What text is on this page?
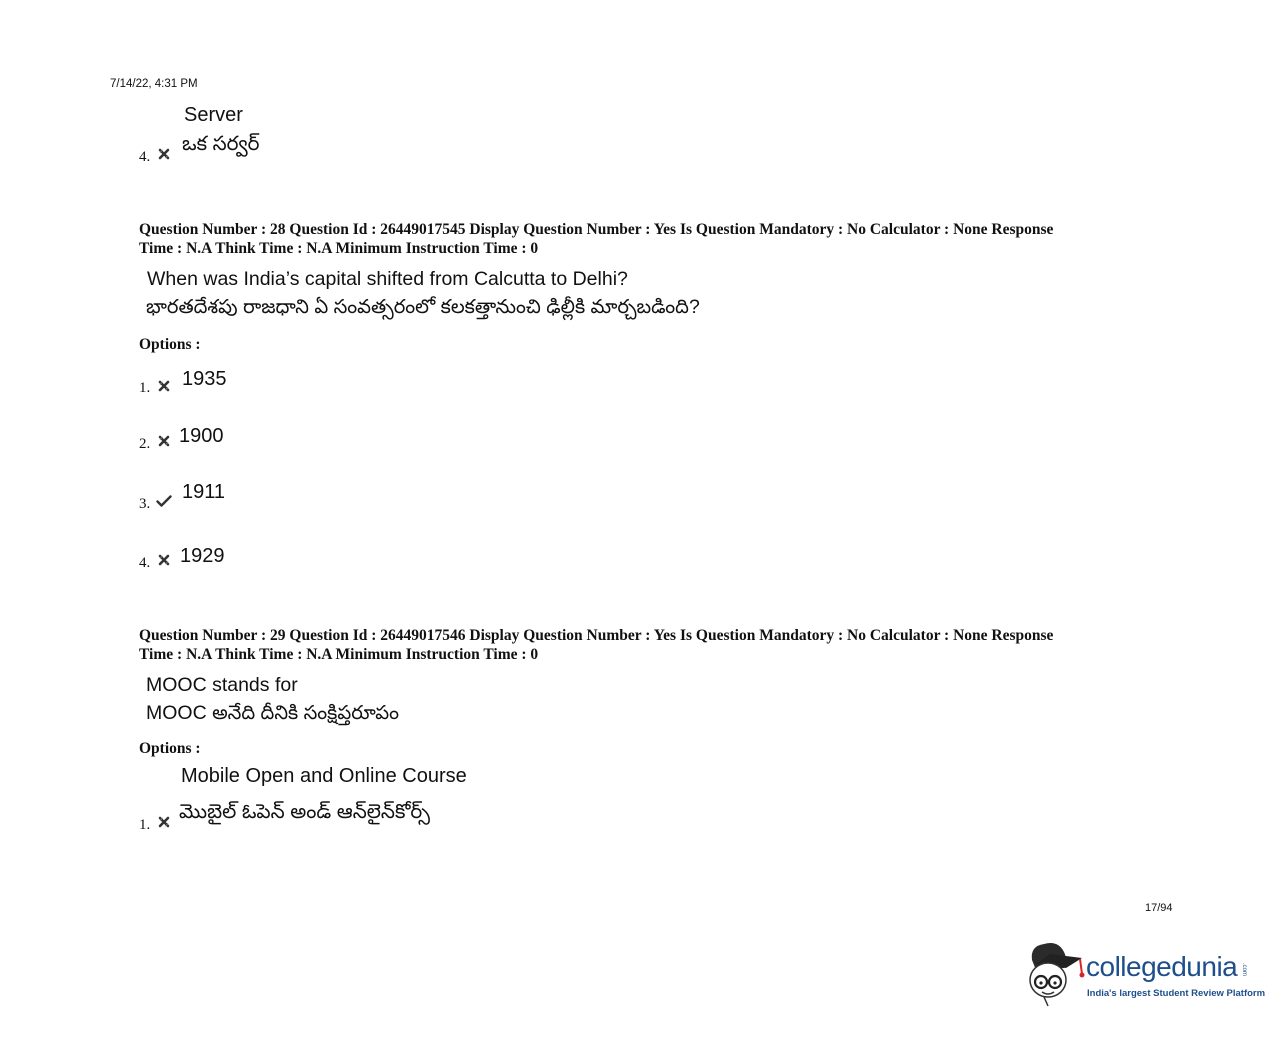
7/14/22, 4:31 PM
Server
ఒక సర్వర్
4.
Question Number : 28 Question Id : 26449017545 Display Question Number : Yes Is Question Mandatory : No Calculator : None Response
Time : N.A Think Time : N.A Minimum Instruction Time : 0
When was India’s capital shifted from Calcutta to Delhi?
భారతదేశపు రాజధాని ఏ సంవత్సరంలో కలకత్తానుంచి ఢిల్లీకి మార్చబడింది?
Options :
1. 1935
2. 1900
3.
1911
4. 1929
Question Number : 29 Question Id : 26449017546 Display Question Number : Yes Is Question Mandatory : No Calculator : None Response
Time : N.A Think Time : N.A Minimum Instruction Time : 0
MOOC stands for
MOOC అనేది దీనికి సంక్షిప్తరూపం
Options :
Mobile Open and Online Course
మొబైల్ ఓపెన్ అండ్ ఆన్‌లైన్‌కోర్స్
1.
17/94
collegedunia .com
India's largest Student Review Platform
